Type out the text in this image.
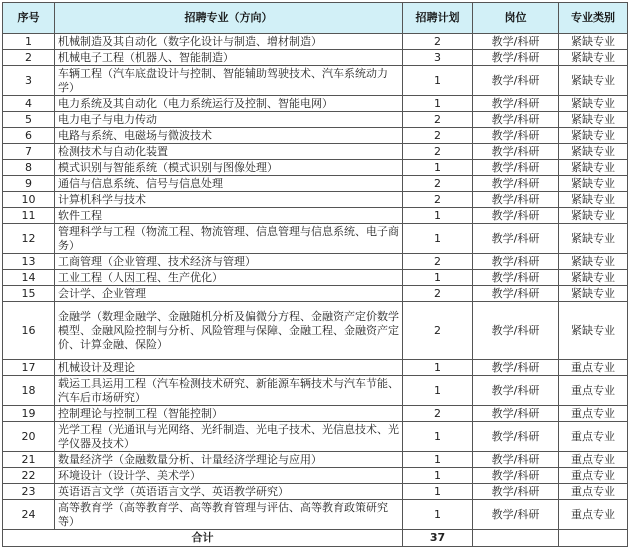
序号	招聘专业（方向）	招聘计划	岗位	专业类别
1	机械制造及其自动化（数字化设计与制造、增材制造）	2	教学/科研	紧缺专业
2	机械电子工程（机器人、智能制造）	3	教学/科研	紧缺专业
3	车辆工程（汽车底盘设计与控制、智能辅助驾驶技术、汽车系统动力学）	1	教学/科研	紧缺专业
4	电力系统及其自动化（电力系统运行及控制、智能电网）	1	教学/科研	紧缺专业
5	电力电子与电力传动	2	教学/科研	紧缺专业
6	电路与系统、电磁场与微波技术	2	教学/科研	紧缺专业
7	检测技术与自动化装置	2	教学/科研	紧缺专业
8	模式识别与智能系统（模式识别与图像处理）	1	教学/科研	紧缺专业
9	通信与信息系统、信号与信息处理	2	教学/科研	紧缺专业
10	计算机科学与技术	2	教学/科研	紧缺专业
11	软件工程	1	教学/科研	紧缺专业
12	管理科学与工程（物流工程、物流管理、信息管理与信息系统、电子商务）	1	教学/科研	紧缺专业
13	工商管理（企业管理、技术经济与管理）	2	教学/科研	紧缺专业
14	工业工程（人因工程、生产优化）	1	教学/科研	紧缺专业
15	会计学、企业管理	2	教学/科研	紧缺专业
16	金融学（数理金融学、金融随机分析及偏微分方程、金融资产定价数学模型、金融风险控制与分析、风险管理与保障、金融工程、金融资产定价、计算金融、保险）	2	教学/科研	紧缺专业
17	机械设计及理论	1	教学/科研	重点专业
18	载运工具运用工程（汽车检测技术研究、新能源车辆技术与汽车节能、汽车后市场研究）	1	教学/科研	重点专业
19	控制理论与控制工程（智能控制）	2	教学/科研	重点专业
20	光学工程（光通讯与光网络、光纤制造、光电子技术、光信息技术、光学仪器及技术）	1	教学/科研	重点专业
21	数量经济学（金融数量分析、计量经济学理论与应用）	1	教学/科研	重点专业
22	环境设计（设计学、美术学）	1	教学/科研	重点专业
23	英语语言文学（英语语言文学、英语教学研究）	1	教学/科研	重点专业
24	高等教育学（高等教育学、高等教育管理与评估、高等教育政策研究等）	1	教学/科研	重点专业
合计		37		
